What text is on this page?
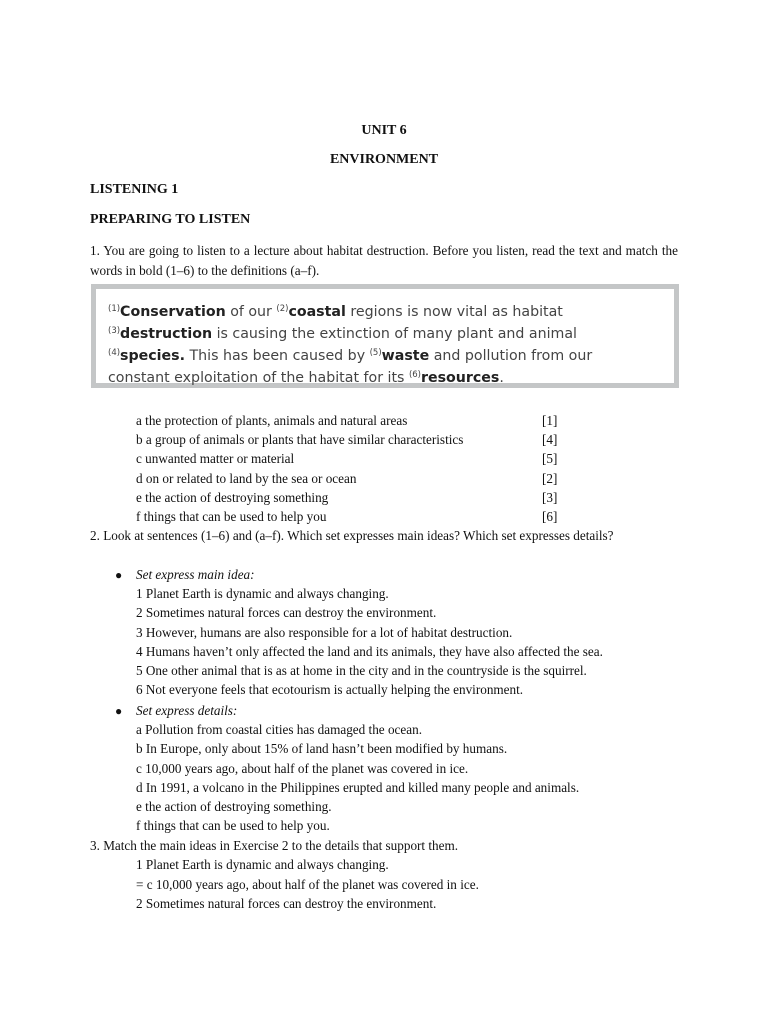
UNIT 6
ENVIRONMENT
LISTENING 1
PREPARING TO LISTEN
1. You are going to listen to a lecture about habitat destruction. Before you listen, read the text and match the words in bold (1–6) to the definitions (a–f).
$^{(1)}$Conservation of our $^{(2)}$coastal regions is now vital as habitat
$^{(3)}$destruction is causing the extinction of many plant and animal
$^{(4)}$species. This has been caused by $^{(5)}$waste and pollution from our
constant exploitation of the habitat for its $^{(6)}$resources.
a the protection of plants, animals and natural areas	[1]
b a group of animals or plants that have similar characteristics	[4]
c unwanted matter or material	[5]
d on or related to land by the sea or ocean	[2]
e the action of destroying something	[3]
f things that can be used to help you	[6]
2. Look at sentences (1–6) and (a–f). Which set expresses main ideas? Which set expresses details?
● Set express main idea:
1 Planet Earth is dynamic and always changing.
2 Sometimes natural forces can destroy the environment.
3 However, humans are also responsible for a lot of habitat destruction.
4 Humans haven’t only affected the land and its animals, they have also affected the sea.
5 One other animal that is as at home in the city and in the countryside is the squirrel.
6 Not everyone feels that ecotourism is actually helping the environment.
● Set express details:
a Pollution from coastal cities has damaged the ocean.
b In Europe, only about 15% of land hasn’t been modified by humans.
c 10,000 years ago, about half of the planet was covered in ice.
d In 1991, a volcano in the Philippines erupted and killed many people and animals.
e the action of destroying something.
f things that can be used to help you.
3. Match the main ideas in Exercise 2 to the details that support them.
1 Planet Earth is dynamic and always changing.
= c 10,000 years ago, about half of the planet was covered in ice.
2 Sometimes natural forces can destroy the environment.
